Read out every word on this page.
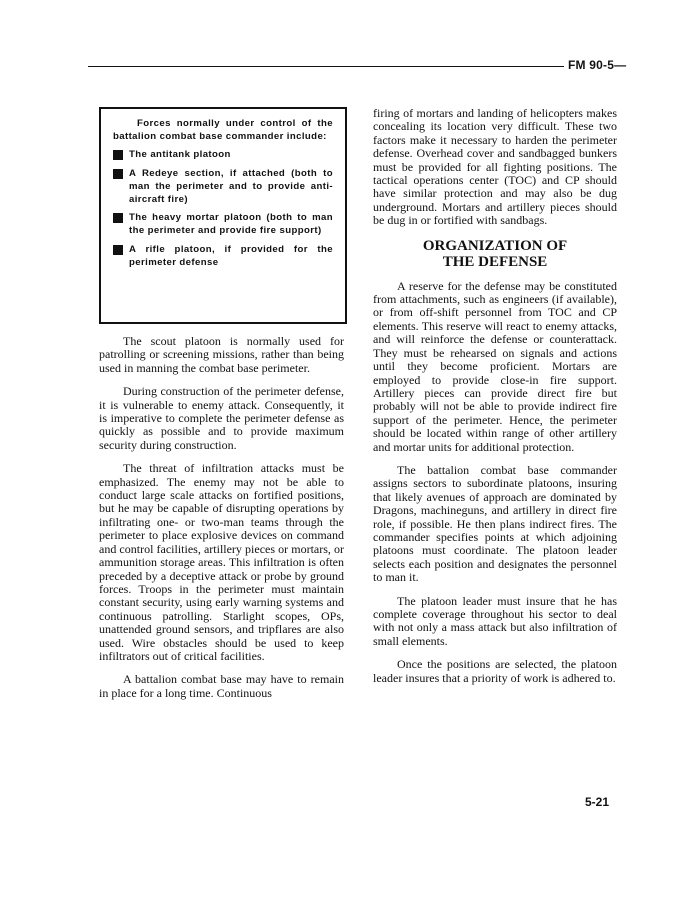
FM 90-5—

Forces normally under control of the battalion combat base commander include:

The antitank platoon
A Redeye section, if attached (both to man the perimeter and to provide anti-aircraft fire)
The heavy mortar platoon (both to man the perimeter and provide fire support)
A rifle platoon, if provided for the perimeter defense

The scout platoon is normally used for patrolling or screening missions, rather than being used in manning the combat base perimeter.

During construction of the perimeter defense, it is vulnerable to enemy attack. Consequently, it is imperative to complete the perimeter defense as quickly as possible and to provide maximum security during construction.

The threat of infiltration attacks must be emphasized. The enemy may not be able to conduct large scale attacks on fortified positions, but he may be capable of disrupting operations by infiltrating one- or two-man teams through the perimeter to place explosive devices on command and control facilities, artillery pieces or mortars, or ammunition storage areas. This infiltration is often preceded by a deceptive attack or probe by ground forces. Troops in the perimeter must maintain constant security, using early warning systems and continuous patrolling. Starlight scopes, OPs, unattended ground sensors, and tripflares are also used. Wire obstacles should be used to keep infiltrators out of critical facilities.

A battalion combat base may have to remain in place for a long time. Continuous

firing of mortars and landing of helicopters makes concealing its location very difficult. These two factors make it necessary to harden the perimeter defense. Overhead cover and sandbagged bunkers must be provided for all fighting positions. The tactical operations center (TOC) and CP should have similar protection and may also be dug underground. Mortars and artillery pieces should be dug in or fortified with sandbags.

ORGANIZATION OF
THE DEFENSE

A reserve for the defense may be constituted from attachments, such as engineers (if available), or from off-shift personnel from TOC and CP elements. This reserve will react to enemy attacks, and will reinforce the defense or counterattack. They must be rehearsed on signals and actions until they become proficient. Mortars are employed to provide close-in fire support. Artillery pieces can provide direct fire but probably will not be able to provide indirect fire support of the perimeter. Hence, the perimeter should be located within range of other artillery and mortar units for additional protection.

The battalion combat base commander assigns sectors to subordinate platoons, insuring that likely avenues of approach are dominated by Dragons, machineguns, and artillery in direct fire role, if possible. He then plans indirect fires. The commander specifies points at which adjoining platoons must coordinate. The platoon leader selects each position and designates the personnel to man it.

The platoon leader must insure that he has complete coverage throughout his sector to deal with not only a mass attack but also infiltration of small elements.

Once the positions are selected, the platoon leader insures that a priority of work is adhered to.

5-21
